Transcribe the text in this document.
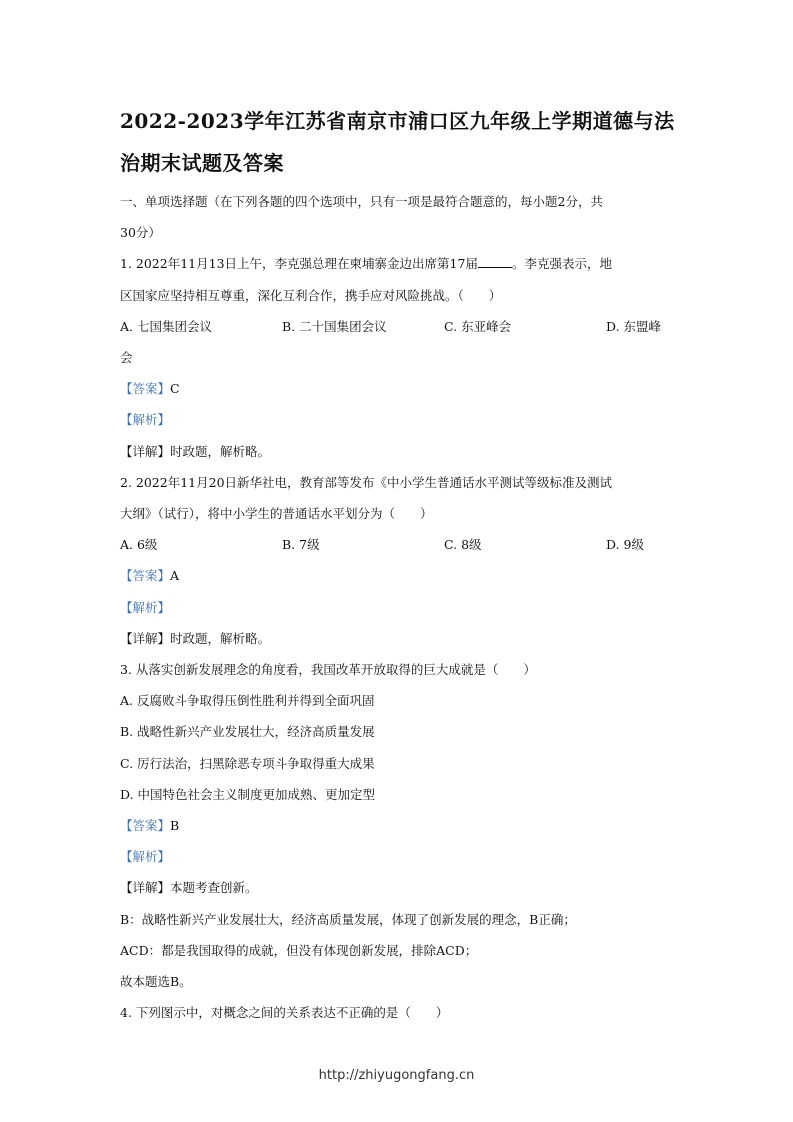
2022-2023学年江苏省南京市浦口区九年级上学期道德与法
治期末试题及答案
一、单项选择题（在下列各题的四个选项中，只有一项是最符合题意的，每小题2分，共
30分）
1. 2022年11月13日上午，李克强总理在柬埔寨金边出席第17届	。李克强表示，地
区国家应坚持相互尊重，深化互利合作，携手应对风险挑战。（　　）
A. 七国集团会议	B. 二十国集团会议	C. 东亚峰会	D. 东盟峰
会
【答案】C
【解析】
【详解】时政题，解析略。
2. 2022年11月20日新华社电，教育部等发布《中小学生普通话水平测试等级标准及测试
大纲》（试行），将中小学生的普通话水平划分为（　　）
A. 6级	B. 7级	C. 8级	D. 9级
【答案】A
【解析】
【详解】时政题，解析略。
3. 从落实创新发展理念的角度看，我国改革开放取得的巨大成就是（　　）
A. 反腐败斗争取得压倒性胜利并得到全面巩固
B. 战略性新兴产业发展壮大，经济高质量发展
C. 厉行法治，扫黑除恶专项斗争取得重大成果
D. 中国特色社会主义制度更加成熟、更加定型
【答案】B
【解析】
【详解】本题考查创新。
B：战略性新兴产业发展壮大，经济高质量发展，体现了创新发展的理念，B正确；
ACD：都是我国取得的成就，但没有体现创新发展，排除ACD；
故本题选B。
4. 下列图示中，对概念之间的关系表达不正确的是（　　）
http://zhiyugongfang.cn
